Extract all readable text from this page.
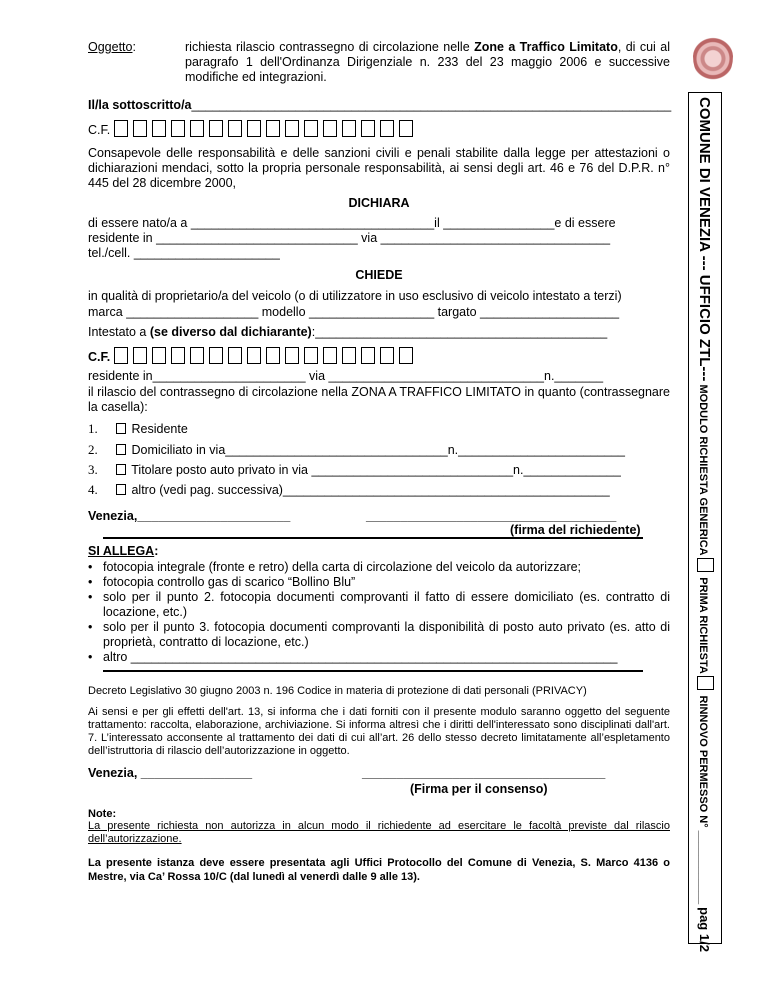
Oggetto:	richiesta rilascio contrassegno di circolazione nelle Zone a Traffico Limitato, di cui al paragrafo 1 dell'Ordinanza Dirigenziale n. 233 del 23 maggio 2006 e successive modifiche ed integrazioni.
Il/la sottoscritto/a_____________________________________________________________________
C.F.
Consapevole delle responsabilità e delle sanzioni civili e penali stabilite dalla legge per attestazioni o dichiarazioni mendaci, sotto la propria personale responsabilità, ai sensi degli art. 46 e 76 del D.P.R. n° 445 del 28 dicembre 2000,
DICHIARA
di essere nato/a a ___________________________________il ________________e di essere
residente in _____________________________ via _________________________________
tel./cell. _____________________
CHIEDE
in qualità di proprietario/a del veicolo (o di utilizzatore in uso esclusivo di veicolo intestato a terzi)
marca ___________________ modello __________________ targato ____________________
Intestato a (se diverso dal dichiarante):__________________________________________
C.F.
residente in______________________ via _______________________________n._______
il rilascio del contrassegno di circolazione nella ZONA A TRAFFICO LIMITATO in quanto (contrassegnare la casella):
1.	Residente
2.	Domiciliato in via________________________________n.________________________
3.	Titolare posto auto privato in via _____________________________n.______________
4.	altro (vedi pag. successiva)_______________________________________________
Venezia,______________________	____________________________________
(firma del richiedente)
SI ALLEGA:
• fotocopia integrale (fronte e retro) della carta di circolazione del veicolo da autorizzare;
• fotocopia controllo gas di scarico “Bollino Blu”
• solo per il punto 2. fotocopia documenti comprovanti il fatto di essere domiciliato (es. contratto di locazione, etc.)
• solo per il punto 3. fotocopia documenti comprovanti la disponibilità di posto auto privato (es. atto di proprietà, contratto di locazione, etc.)
• altro ______________________________________________________________________
Decreto Legislativo 30 giugno 2003 n. 196 Codice in materia di protezione di dati personali (PRIVACY)
Ai sensi e per gli effetti dell'art. 13, si informa che i dati forniti con il presente modulo saranno oggetto del seguente trattamento: raccolta, elaborazione, archiviazione. Si informa altresì che i diritti dell'interessato sono disciplinati dall'art. 7. L’interessato acconsente al trattamento dei dati di cui all’art. 26 dello stesso decreto limitatamente all’espletamento dell’istruttoria di rilascio dell’autorizzazione in oggetto.
Venezia, ________________	___________________________________
(Firma per il consenso)
Note:
La presente richiesta non autorizza in alcun modo il richiedente ad esercitare le facoltà previste dal rilascio dell’autorizzazione.
La presente istanza deve essere presentata agli Uffici Protocollo del Comune di Venezia, S. Marco 4136 o Mestre, via Ca’ Rossa 10/C (dal lunedì al venerdì dalle 9 alle 13).
COMUNE DI VENEZIA --- UFFICIO ZTL--- MODULO RICHIESTA GENERICA PRIMA RICHIESTA RINNOVO PERMESSO N° ____________ pag 1/2
